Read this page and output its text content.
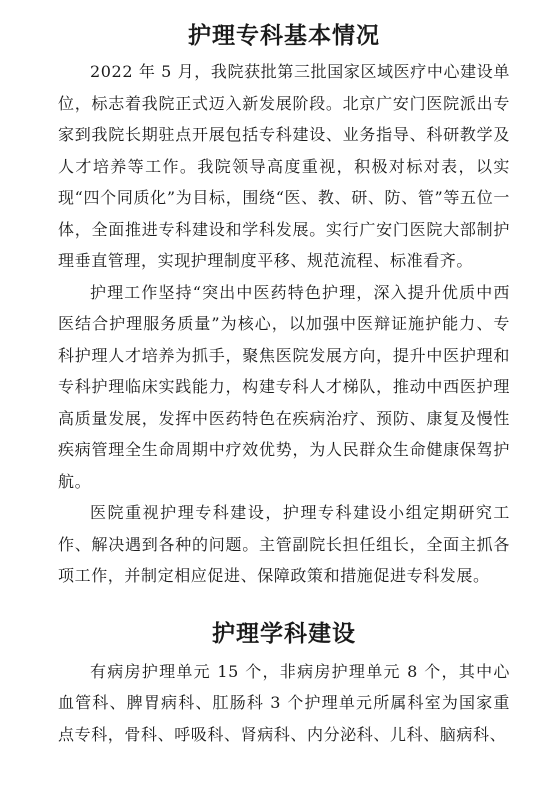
护理专科基本情况

2022 年 5 月，我院获批第三批国家区域医疗中心建设单位，标志着我院正式迈入新发展阶段。北京广安门医院派出专家到我院长期驻点开展包括专科建设、业务指导、科研教学及人才培养等工作。我院领导高度重视，积极对标对表，以实现“四个同质化”为目标，围绕“医、教、研、防、管”等五位一体，全面推进专科建设和学科发展。实行广安门医院大部制护理垂直管理，实现护理制度平移、规范流程、标准看齐。

护理工作坚持“突出中医药特色护理，深入提升优质中西医结合护理服务质量”为核心，以加强中医辩证施护能力、专科护理人才培养为抓手，聚焦医院发展方向，提升中医护理和专科护理临床实践能力，构建专科人才梯队，推动中西医护理高质量发展，发挥中医药特色在疾病治疗、预防、康复及慢性疾病管理全生命周期中疗效优势，为人民群众生命健康保驾护航。

医院重视护理专科建设，护理专科建设小组定期研究工作、解决遇到各种的问题。主管副院长担任组长，全面主抓各项工作，并制定相应促进、保障政策和措施促进专科发展。

护理学科建设

有病房护理单元 15 个，非病房护理单元 8 个，其中心血管科、脾胃病科、肛肠科 3 个护理单元所属科室为国家重点专科，骨科、呼吸科、肾病科、内分泌科、儿科、脑病科、
